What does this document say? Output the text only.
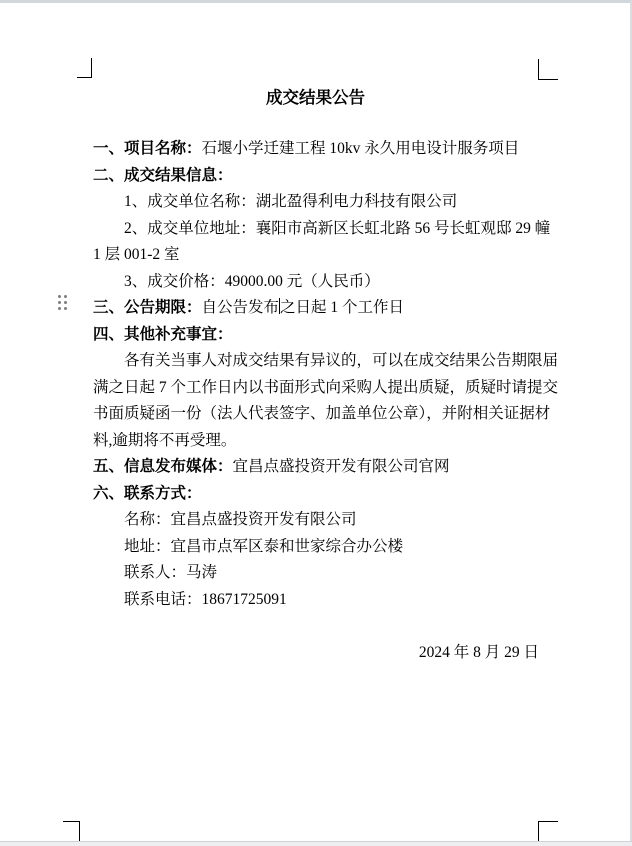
成交结果公告
一、项目名称：石堰小学迁建工程 10kv 永久用电设计服务项目
二、成交结果信息：
1、成交单位名称：湖北盈得利电力科技有限公司
2、成交单位地址：襄阳市高新区长虹北路 56 号长虹观邸 29 幢
1 层 001-2 室
3、成交价格：49000.00 元（人民币）
三、公告期限：自公告发布之日起 1 个工作日
四、其他补充事宜：
各有关当事人对成交结果有异议的，可以在成交结果公告期限届
满之日起 7 个工作日内以书面形式向采购人提出质疑，质疑时请提交
书面质疑函一份（法人代表签字、加盖单位公章），并附相关证据材
料,逾期将不再受理。
五、信息发布媒体：宜昌点盛投资开发有限公司官网
六、联系方式：
名称：宜昌点盛投资开发有限公司
地址：宜昌市点军区泰和世家综合办公楼
联系人：马涛
联系电话：18671725091
2024 年 8 月 29 日
